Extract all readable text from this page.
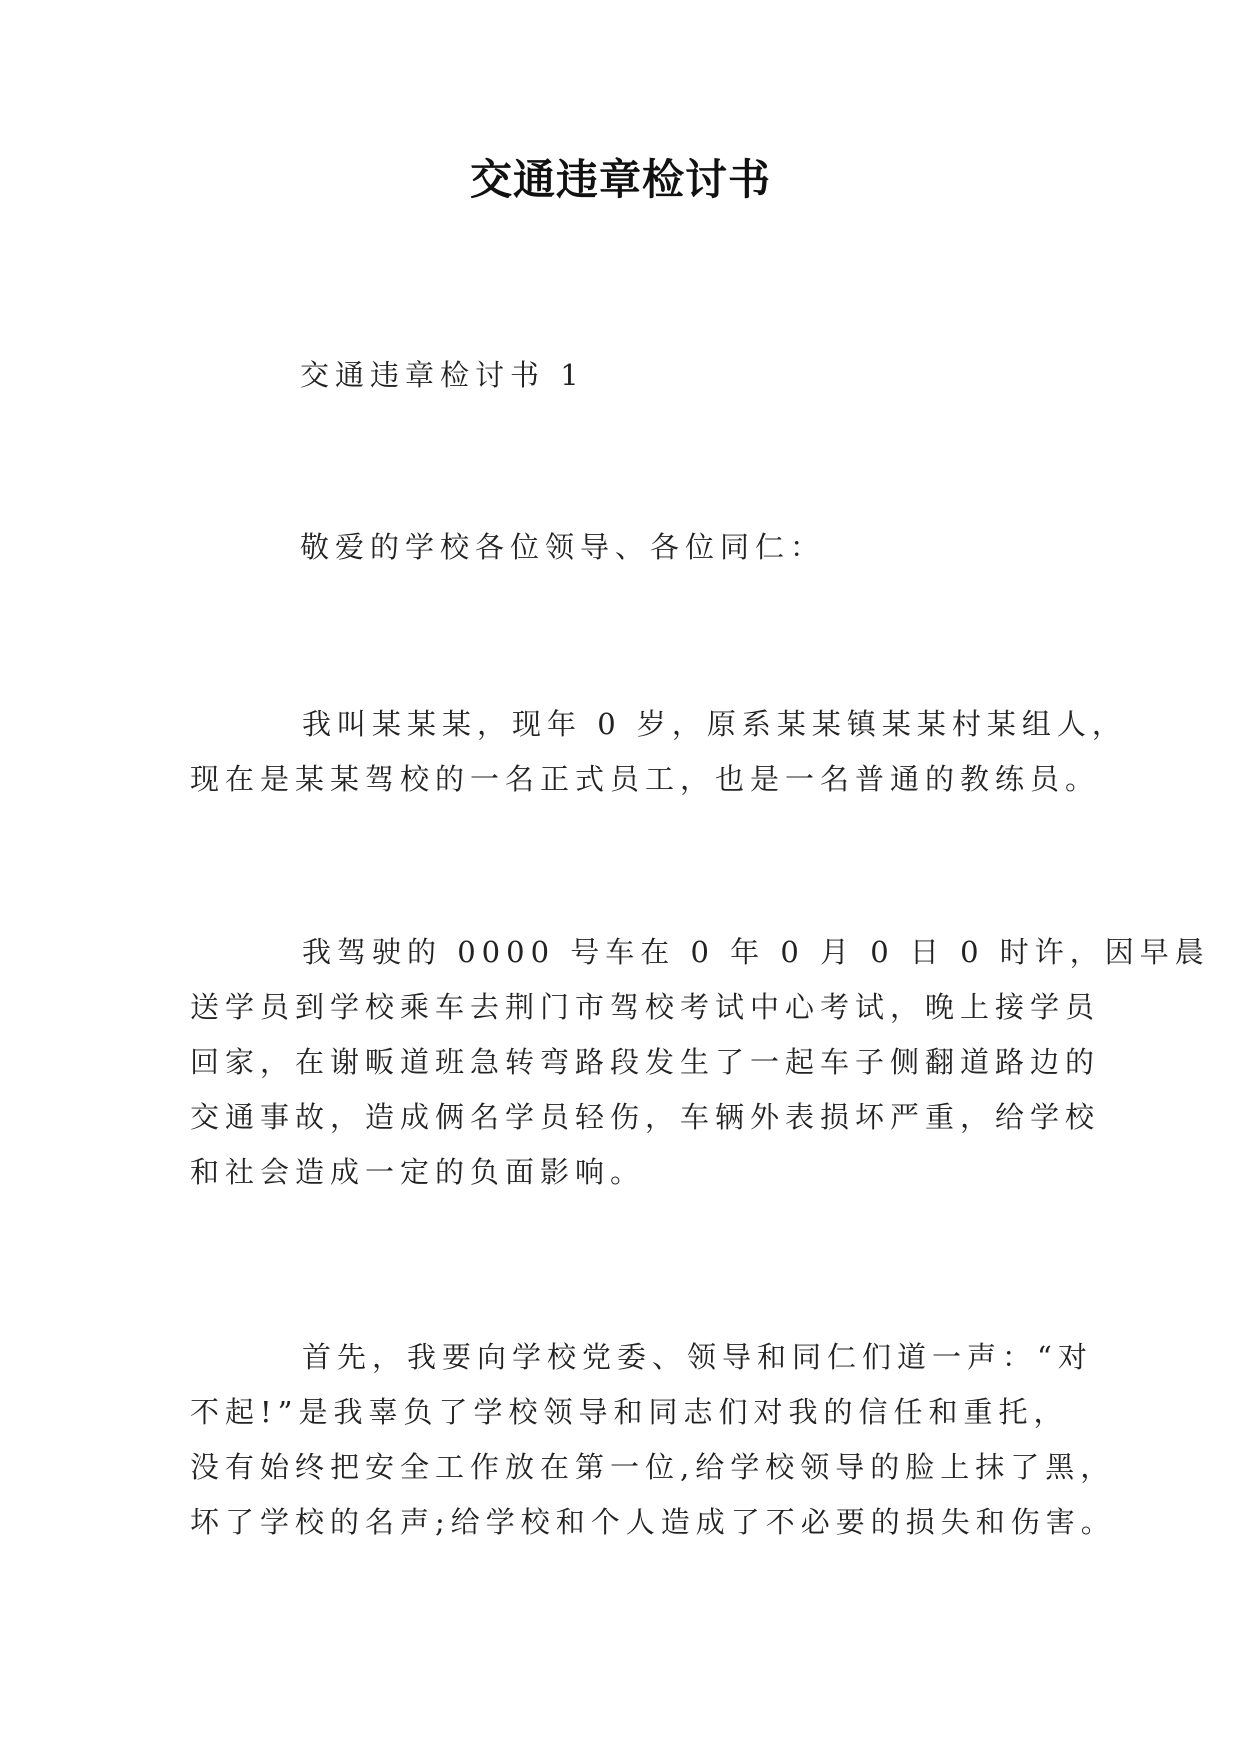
交通违章检讨书
交通违章检讨书 1
敬爱的学校各位领导、各位同仁：
我叫某某某，现年 0 岁，原系某某镇某某村某组人，
现在是某某驾校的一名正式员工，也是一名普通的教练员。
我驾驶的 0000 号车在 0 年 0 月 0 日 0 时许，因早晨
送学员到学校乘车去荆门市驾校考试中心考试，晚上接学员
回家，在谢畈道班急转弯路段发生了一起车子侧翻道路边的
交通事故，造成俩名学员轻伤，车辆外表损坏严重，给学校
和社会造成一定的负面影响。
首先，我要向学校党委、领导和同仁们道一声：“对
不起!”是我辜负了学校领导和同志们对我的信任和重托，
没有始终把安全工作放在第一位,给学校领导的脸上抹了黑，
坏了学校的名声;给学校和个人造成了不必要的损失和伤害。
